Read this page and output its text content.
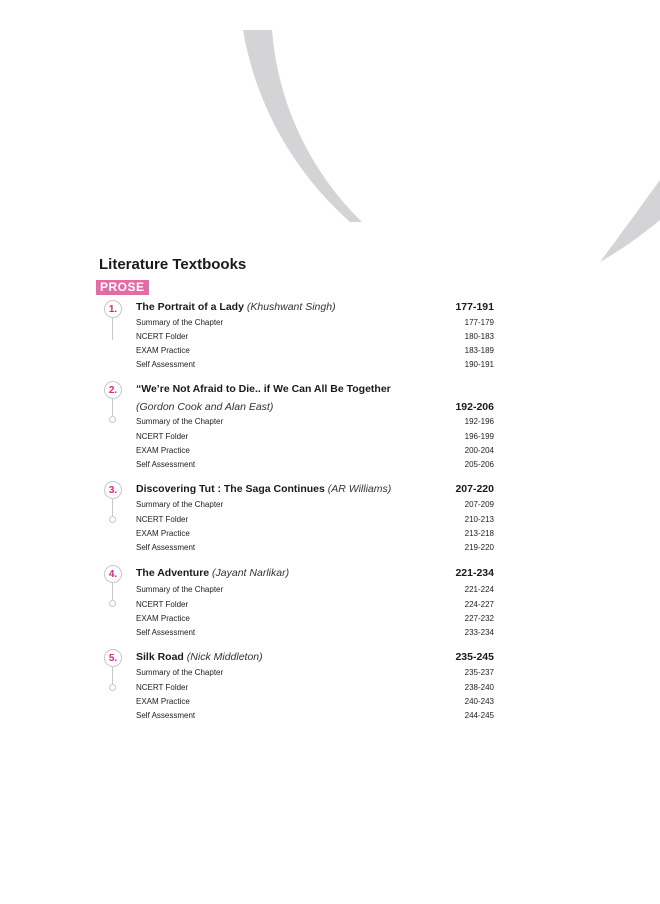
Literature Textbooks
PROSE
1.	The Portrait of a Lady (Khushwant Singh)	177-191
Summary of the Chapter	177-179
NCERT Folder	180-183
EXAM Practice	183-189
Self Assessment	190-191
2.	“We’re Not Afraid to Die.. if We Can All Be Together
(Gordon Cook and Alan East)	192-206
Summary of the Chapter	192-196
NCERT Folder	196-199
EXAM Practice	200-204
Self Assessment	205-206
3.	Discovering Tut : The Saga Continues (AR Williams)	207-220
Summary of the Chapter	207-209
NCERT Folder	210-213
EXAM Practice	213-218
Self Assessment	219-220
4.	The Adventure (Jayant Narlikar)	221-234
Summary of the Chapter	221-224
NCERT Folder	224-227
EXAM Practice	227-232
Self Assessment	233-234
5.	Silk Road (Nick Middleton)	235-245
Summary of the Chapter	235-237
NCERT Folder	238-240
EXAM Practice	240-243
Self Assessment	244-245
